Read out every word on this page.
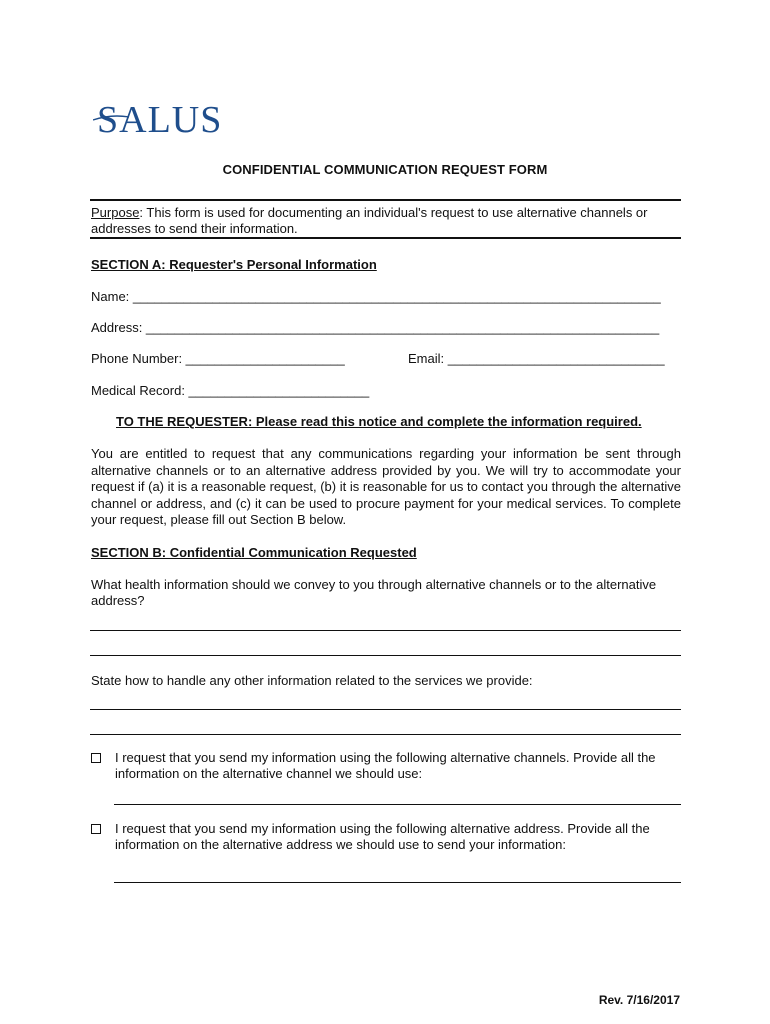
SALUS
CONFIDENTIAL COMMUNICATION REQUEST FORM
Purpose: This form is used for documenting an individual's request to use alternative channels or addresses to send their information.
SECTION A: Requester's Personal Information
Name: _________________________________________________________________________
Address: _______________________________________________________________________
Phone Number: ______________________	Email: ______________________________
Medical Record: _________________________
TO THE REQUESTER: Please read this notice and complete the information required.
You are entitled to request that any communications regarding your information be sent through alternative channels or to an alternative address provided by you. We will try to accommodate your request if (a) it is a reasonable request, (b) it is reasonable for us to contact you through the alternative channel or address, and (c) it can be used to procure payment for your medical services. To complete your request, please fill out Section B below.
SECTION B: Confidential Communication Requested
What health information should we convey to you through alternative channels or to the alternative address?
State how to handle any other information related to the services we provide:
I request that you send my information using the following alternative channels. Provide all the information on the alternative channel we should use:
I request that you send my information using the following alternative address. Provide all the information on the alternative address we should use to send your information:
Rev. 7/16/2017
